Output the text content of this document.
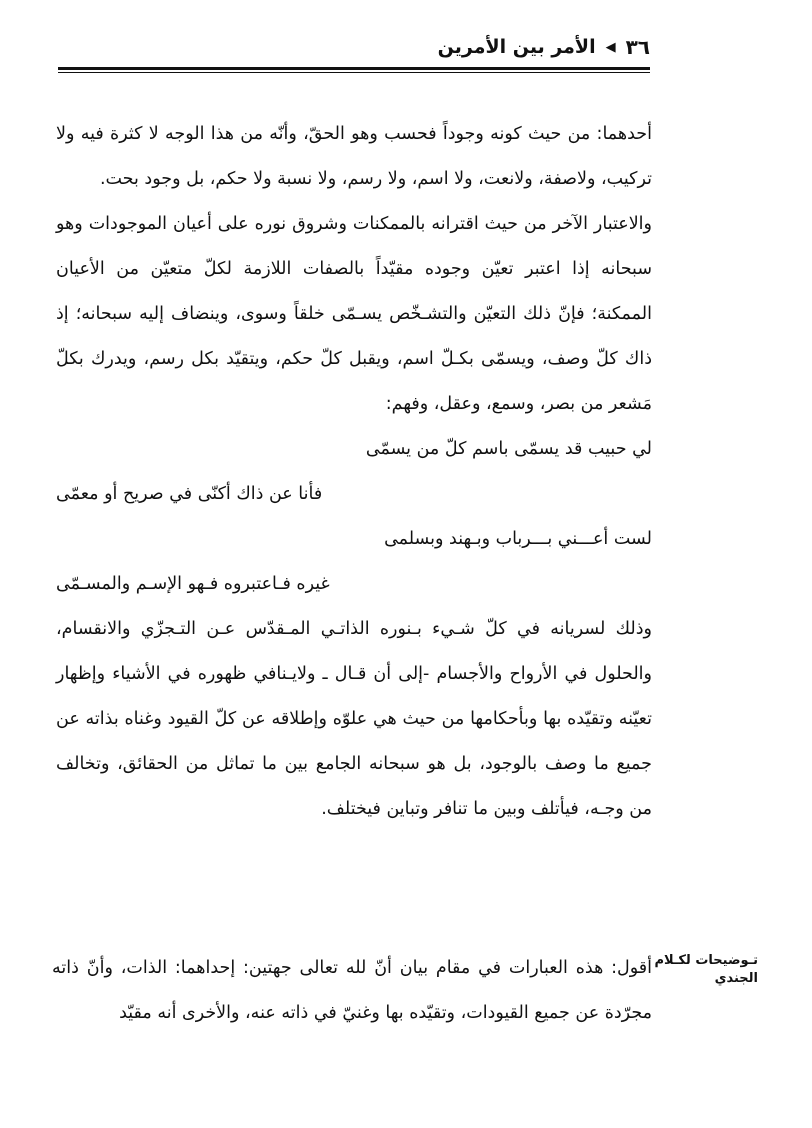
٣٦
◀
الأمر بين الأمرين

أحدهما: من حيث كونه وجوداً فحسب وهو الحقّ، وأنّه من هذا الوجه لا كثرة فيه ولا تركيب، ولاصفة، ولانعت، ولا اسم، ولا رسم، ولا نسبة ولا حكم، بل وجود بحت.

والاعتبار الآخر من حيث اقترانه بالممكنات وشروق نوره على أعيان الموجودات وهو سبحانه إذا اعتبر تعيّن وجوده مقيّداً بالصفات اللازمة لكلّ متعيّن من الأعيان الممكنة؛ فإنّ ذلك التعيّن والتشـخّص يسـمّى خلقاً وسوى، وينضاف إليه سبحانه؛ إذ ذاك كلّ وصف، ويسمّى بكـلّ اسم، ويقبل كلّ حكم، ويتقيّد بكل رسم، ويدرك بكلّ مَشعر من بصر، وسمع، وعقل، وفهم:

لي حبيب قد يسمّى باسم كلّ من يسمّى

فأنا عن ذاك أكنّى في صريح أو معمّى

لست أعـــني بـــرباب وبـهند وبسلمى

غيره فـاعتبروه فـهو الإسـم والمسـمّى

وذلك لسريانه في كلّ شـيء بـنوره الذاتـي المـقدّس عـن التـجزّي والانقسام، والحلول في الأرواح والأجسام -إلى أن قـال ـ ولايـنافي ظهوره في الأشياء وإظهار تعيّنه وتقيّده بها وبأحكامها من حيث هي علوّه وإطلاقه عن كلّ القيود وغناه بذاته عن جميع ما وصف بالوجود، بل هو سبحانه الجامع بين ما تماثل من الحقائق، وتخالف من وجـه، فيأتلف وبين ما تنافر وتباين فيختلف.

تـوضيحات لكـلام
الجندي
أقول: هذه العبارات في مقام بيان أنّ لله تعالى جهتين: إحداهما: الذات، وأنّ ذاته مجرّدة عن جميع القيودات، وتقيّده بها وغنيّ في ذاته عنه، والأخرى أنه مقيّد
